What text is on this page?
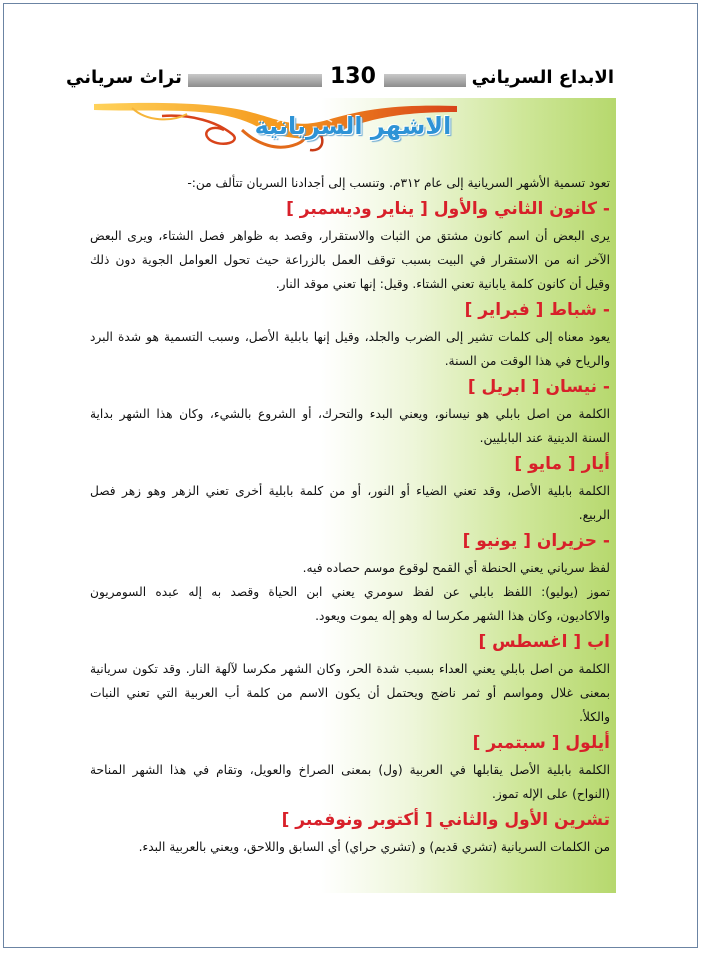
الابداع السرياني
130
تراث سرياني
الاشهر السريانية
تعود تسمية الأشهر السريانية إلى عام ٣١٢م. وتنسب إلى أجدادنا السريان تتألف من:-
- كانون الثاني والأول [ يناير وديسمبر ]
يرى البعض أن اسم كانون مشتق من الثبات والاستقرار، وقصد به ظواهر فصل الشتاء، ويرى البعض
الآخر انه من الاستقرار في البيت بسبب توقف العمل بالزراعة حيث تحول العوامل الجوية دون ذلك
وقيل أن كانون كلمة يابانية تعني الشتاء. وقيل: إنها تعني موقد النار.
- شباط [ فبراير ]
يعود معناه إلى كلمات تشير إلى الضرب والجلد، وقيل إنها بابلية الأصل، وسبب التسمية هو شدة البرد
والرياح في هذا الوقت من السنة.
- نيسان [ ابريل ]
الكلمة من اصل بابلي هو نيسانو، ويعني البدء والتحرك، أو الشروع بالشيء، وكان هذا الشهر بداية
السنة الدينية عند البابليين.
أيار [ مايو ]
الكلمة بابلية الأصل، وقد تعني الضياء أو النور، أو من كلمة بابلية أخرى تعني الزهر وهو زهر فصل
الربيع.
- حزيران [ يونيو ]
لفظ سرياني يعني الحنطة أي القمح لوقوع موسم حصاده فيه.
تموز (يوليو): اللفظ بابلي عن لفظ سومري يعني ابن الحياة وقصد به إله عبده السومريون
والاكاديون، وكان هذا الشهر مكرسا له وهو إله يموت ويعود.
اب [ اغسطس ]
الكلمة من اصل بابلي يعني العداء بسبب شدة الحر، وكان الشهر مكرسا لآلهة النار. وقد تكون سريانية
بمعنى غلال ومواسم أو ثمر ناضج ويحتمل أن يكون الاسم من كلمة أب العربية التي تعني النبات
والكلأ.
أيلول [ سبتمبر ]
الكلمة بابلية الأصل يقابلها في العربية (ول) بمعنى الصراخ والعويل، وتقام في هذا الشهر المناحة
(النواح) على الإله تموز.
تشرين الأول والثاني [ أكتوبر ونوفمبر ]
من الكلمات السريانية (تشري قديم) و (تشري حراي) أي السابق واللاحق، ويعني بالعربية البدء.
